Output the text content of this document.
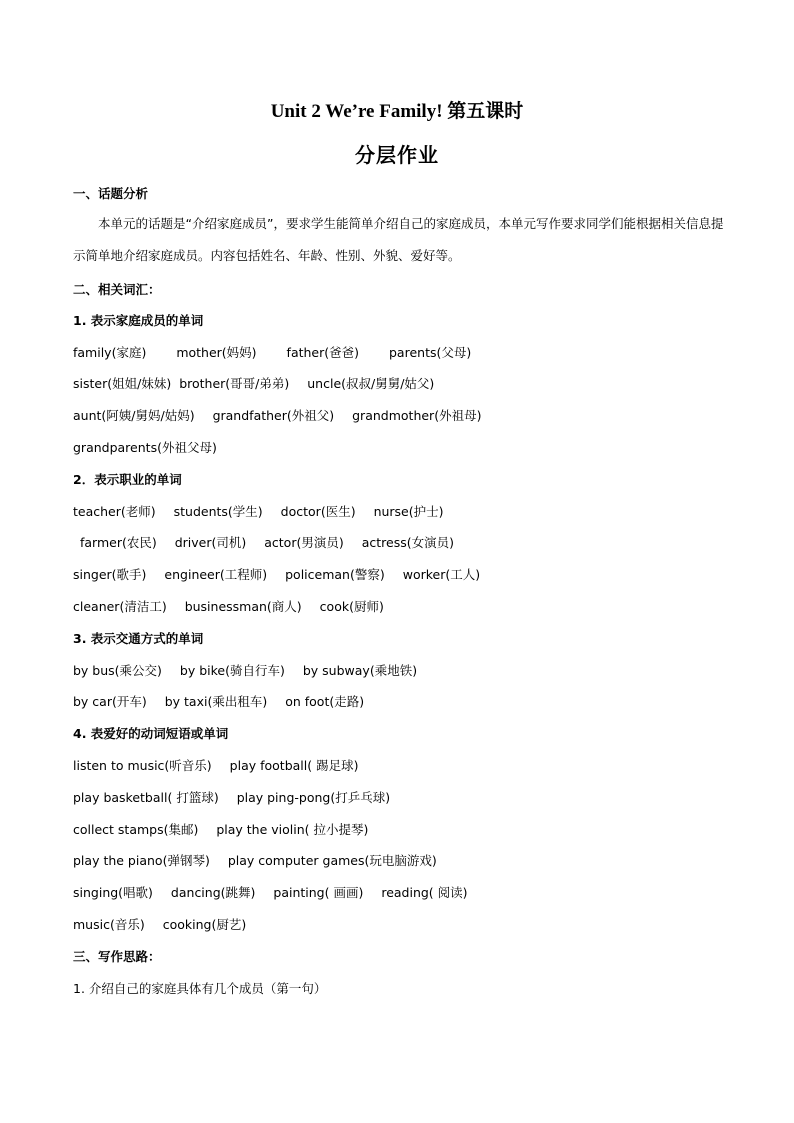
Unit 2 We’re Family! 第五课时
分层作业
一、话题分析
本单元的话题是“介绍家庭成员”，要求学生能简单介绍自己的家庭成员，本单元写作要求同学们能根据相关信息提示简单地介绍家庭成员。内容包括姓名、年龄、性别、外貌、爱好等。
二、相关词汇：
1. 表示家庭成员的单词
family(家庭) mother(妈妈) father(爸爸) parents(父母)
sister(姐姐/妹妹) brother(哥哥/弟弟) uncle(叔叔/舅舅/姑父)
aunt(阿姨/舅妈/姑妈) grandfather(外祖父) grandmother(外祖母)
grandparents(外祖父母)
2．表示职业的单词
teacher(老师) students(学生) doctor(医生) nurse(护士)
farmer(农民) driver(司机) actor(男演员) actress(女演员)
singer(歌手) engineer(工程师) policeman(警察) worker(工人)
cleaner(清洁工) businessman(商人) cook(厨师)
3. 表示交通方式的单词
by bus(乘公交) by bike(骑自行车) by subway(乘地铁)
by car(开车) by taxi(乘出租车) on foot(走路)
4. 表爱好的动词短语或单词
listen to music(听音乐) play football( 踢足球)
play basketball( 打篮球) play ping-pong(打乒乓球)
collect stamps(集邮) play the violin( 拉小提琴)
play the piano(弹钢琴) play computer games(玩电脑游戏)
singing(唱歌) dancing(跳舞) painting( 画画) reading( 阅读)
music(音乐) cooking(厨艺)
三、写作思路：
1. 介绍自己的家庭具体有几个成员（第一句）
